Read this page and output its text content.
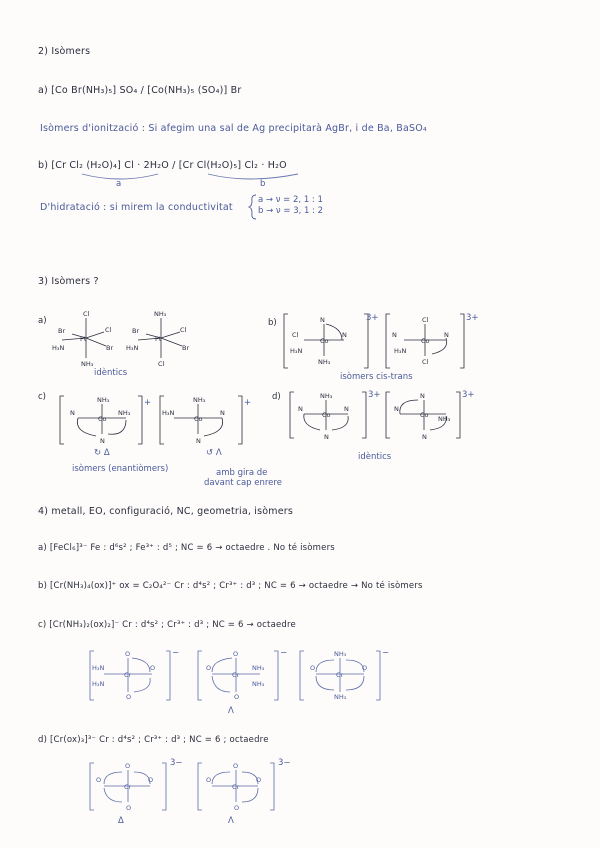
2) Isòmers
a) [Co Br(NH₃)₅] SO₄ / [Co(NH₃)₅ (SO₄)] Br
Isòmers d'ionització : Si afegim una sal de Ag precipitarà AgBr, i de Ba, BaSO₄
b) [Cr Cl₂ (H₂O)₄] Cl · 2H₂O / [Cr Cl(H₂O)₅] Cl₂ · H₂O
a	b
D'hidratació : si mirem la conductivitat
a → ν = 2, 1 : 1
b → ν = 3, 1 : 2
3) Isòmers ?
a)
Cl
Br
Pt
Cl
Br
H₃N
NH₃
NH₃
Br
Pt
Cl
Br
H₃N
Cl
idèntics
b)	N
Cl
Co
N
H₃N
NH₃
Cl
N
Co
N
H₃N
Cl
3+	3+
isòmers cis-trans
c)	NH₃
N
Co
NH₃
N
NH₃
H₃N
Co
N
N
+	+
↻ Δ	↺ Λ
isòmers (enantiòmers)	amb gira de
davant cap enrere
d)	NH₃
N
Co
N
N
N
N
Co NH₃
N
3+	3+
idèntics
4) metall, EO, configuració, NC, geometria, isòmers
a) [FeCl₆]³⁻ Fe : d⁶s² ; Fe³⁺ : d⁵ ; NC = 6 → octaedre . No té isòmers
b) [Cr(NH₃)₄(ox)]⁺ ox = C₂O₄²⁻ Cr : d⁴s² ; Cr³⁺ : d³ ; NC = 6 → octaedre → No té isòmers
c) [Cr(NH₃)₂(ox)₂]⁻ Cr : d⁴s² ; Cr³⁺ : d³ ; NC = 6 → octaedre
O
H₃N
Cr
O
H₃N
O
O
O
Cr
NH₃
NH₃
O
NH₃
O
Cr
O
NH₃
−	−	−
Λ
d) [Cr(ox)₃]³⁻ Cr : d⁴s² ; Cr³⁺ : d³ ; NC = 6 ; octaedre
O
O
Cr
O
O
O
O
Cr
O
O
3−	3−
Δ	Λ
